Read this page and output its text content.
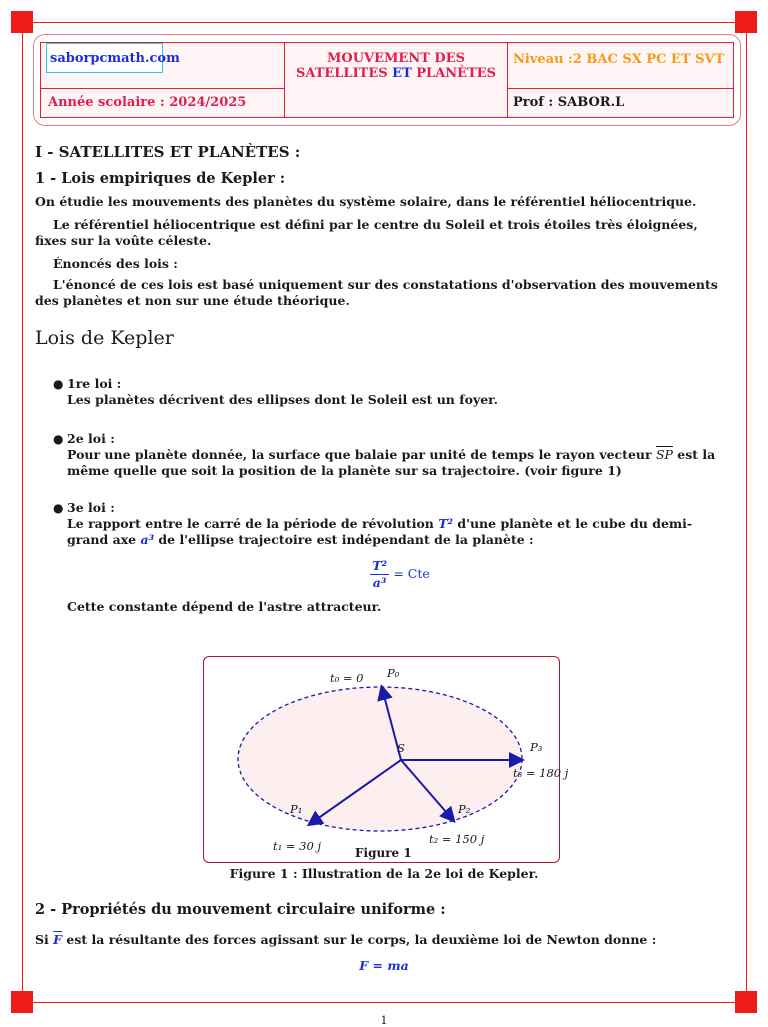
saborpcmath.com
Année scolaire : 2024/2025
MOUVEMENT DES
SATELLITES ET PLANÈTES
Niveau :2 BAC SX PC ET SVT
Prof : SABOR.L
I - SATELLITES ET PLANÈTES :
1 - Lois empiriques de Kepler :
On étudie les mouvements des planètes du système solaire, dans le référentiel héliocentrique.

Le référentiel héliocentrique est défini par le centre du Soleil et trois étoiles très éloignées, fixes sur la voûte céleste.

Énoncés des lois :

L'énoncé de ces lois est basé uniquement sur des constatations d'observation des mouvements des planètes et non sur une étude théorique.

Lois de Kepler
● 1re loi :
Les planètes décrivent des ellipses dont le Soleil est un foyer.
● 2e loi :
Pour une planète donnée, la surface que balaie par unité de temps le rayon vecteur $\overline{SP}$ est la même quelle que soit la position de la planète sur sa trajectoire. (voir figure 1)
● 3e loi :
Le rapport entre le carré de la période de révolution T² d'une planète et le cube du demi-grand axe a³ de l'ellipse trajectoire est indépendant de la planète :
$\frac{\text{T²}}{\text{a³}}$ = Cte
Cette constante dépend de l'astre attracteur.
t₀ = 0 P₀
S	P₃
t₃ = 180 j
P₁
t₁ = 30 j
P₂
t₂ = 150 j
Figure 1
Figure 1 : Illustration de la 2e loi de Kepler.
2 - Propriétés du mouvement circulaire uniforme :
Si $\overline{F}$ est la résultante des forces agissant sur le corps, la deuxième loi de Newton donne :
F = ma
1
